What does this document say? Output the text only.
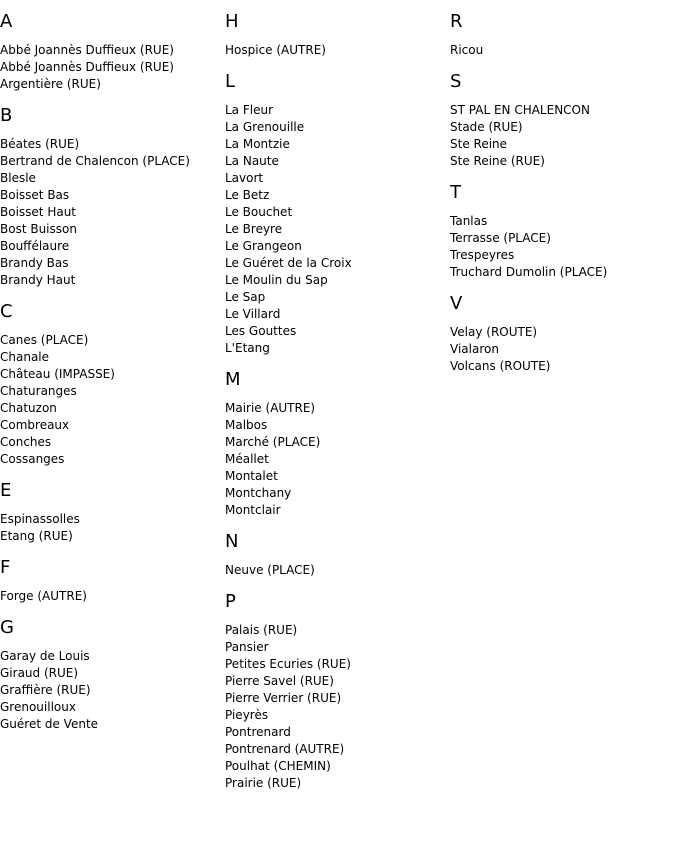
A
Abbé Joannès Duffieux (RUE)
Abbé Joannès Duffieux (RUE)
Argentière (RUE)
B
Béates (RUE)
Bertrand de Chalencon (PLACE)
Blesle
Boisset Bas
Boisset Haut
Bost Buisson
Bouffélaure
Brandy Bas
Brandy Haut
C
Canes (PLACE)
Chanale
Château (IMPASSE)
Chaturanges
Chatuzon
Combreaux
Conches
Cossanges
E
Espinassolles
Etang (RUE)
F
Forge (AUTRE)
G
Garay de Louis
Giraud (RUE)
Graffière (RUE)
Grenouilloux
Guéret de Vente
H
Hospice (AUTRE)
L
La Fleur
La Grenouille
La Montzie
La Naute
Lavort
Le Betz
Le Bouchet
Le Breyre
Le Grangeon
Le Guéret de la Croix
Le Moulin du Sap
Le Sap
Le Villard
Les Gouttes
L'Etang
M
Mairie (AUTRE)
Malbos
Marché (PLACE)
Méallet
Montalet
Montchany
Montclair
N
Neuve (PLACE)
P
Palais (RUE)
Pansier
Petites Ecuries (RUE)
Pierre Savel (RUE)
Pierre Verrier (RUE)
Pieyrès
Pontrenard
Pontrenard (AUTRE)
Poulhat (CHEMIN)
Prairie (RUE)
R
Ricou
S
ST PAL EN CHALENCON
Stade (RUE)
Ste Reine
Ste Reine (RUE)
T
Tanlas
Terrasse (PLACE)
Trespeyres
Truchard Dumolin (PLACE)
V
Velay (ROUTE)
Vialaron
Volcans (ROUTE)
